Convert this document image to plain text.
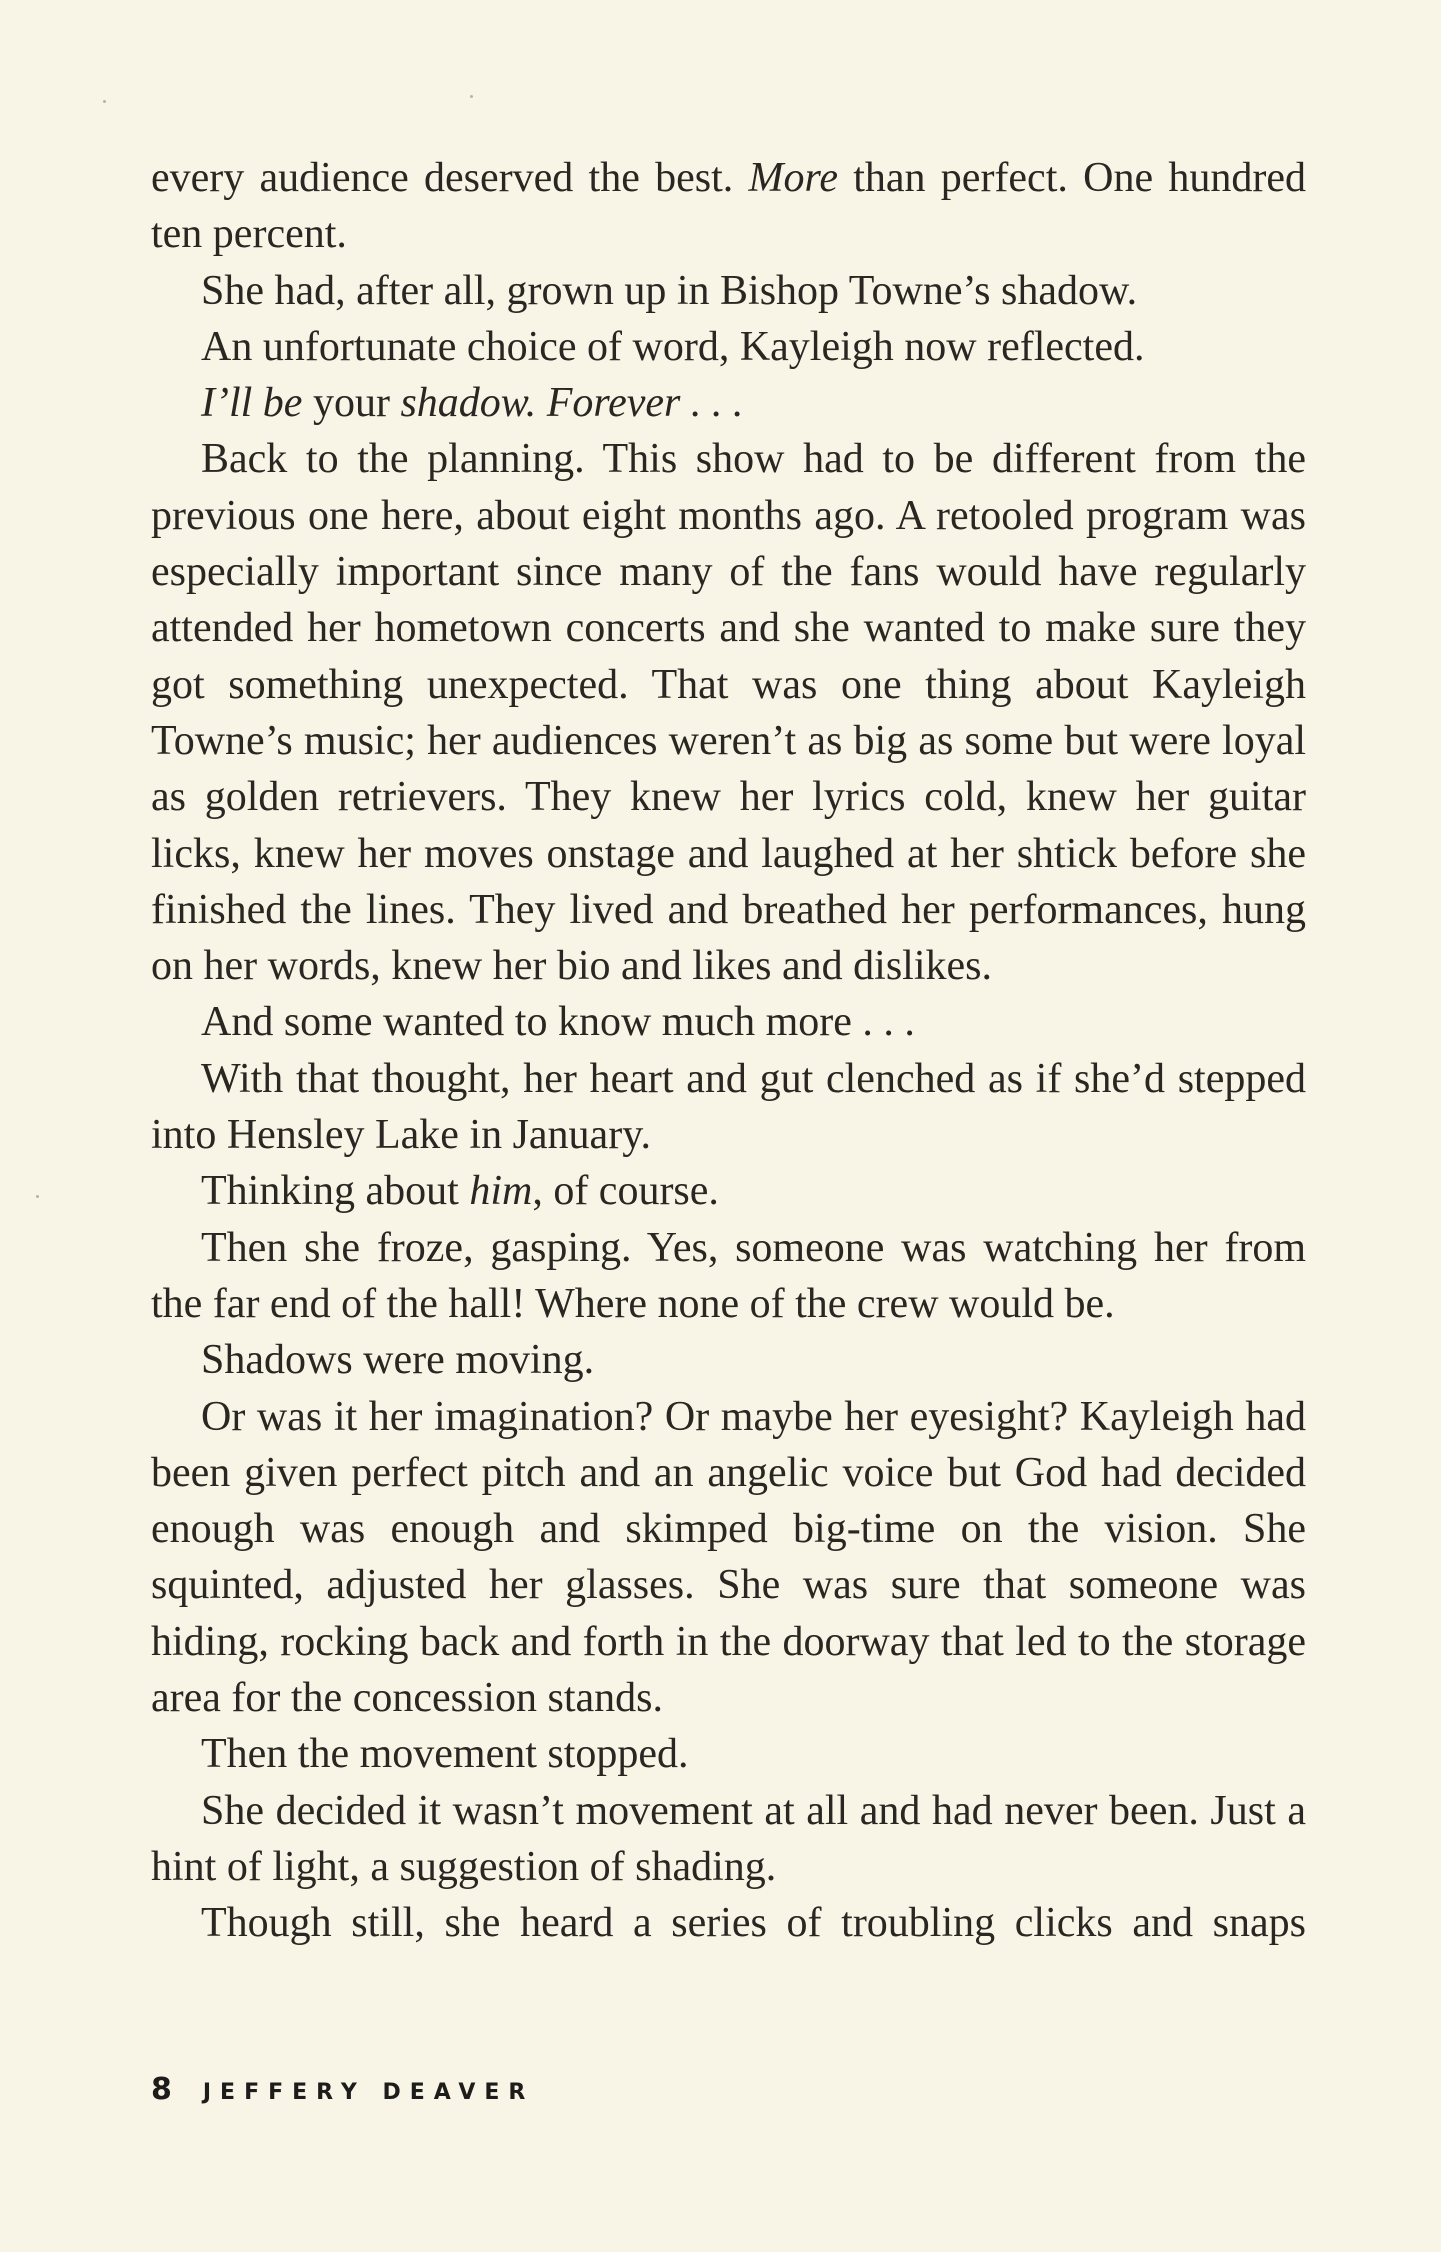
every audience deserved the best. More than perfect. One hundred ten percent.

She had, after all, grown up in Bishop Towne’s shadow.

An unfortunate choice of word, Kayleigh now reflected.

I’ll be your shadow. Forever . . .

Back to the planning. This show had to be different from the previous one here, about eight months ago. A retooled program was especially important since many of the fans would have regularly attended her hometown concerts and she wanted to make sure they got something unexpected. That was one thing about Kayleigh Towne’s music; her audiences weren’t as big as some but were loyal as golden retrievers. They knew her lyrics cold, knew her guitar licks, knew her moves onstage and laughed at her shtick before she finished the lines. They lived and breathed her performances, hung on her words, knew her bio and likes and dislikes.

And some wanted to know much more . . .

With that thought, her heart and gut clenched as if she’d stepped into Hensley Lake in January.

Thinking about him, of course.

Then she froze, gasping. Yes, someone was watching her from the far end of the hall! Where none of the crew would be.

Shadows were moving.

Or was it her imagination? Or maybe her eyesight? Kayleigh had been given perfect pitch and an angelic voice but God had decided enough was enough and skimped big-time on the vision. She squinted, adjusted her glasses. She was sure that someone was hiding, rocking back and forth in the doorway that led to the storage area for the concession stands.

Then the movement stopped.

She decided it wasn’t movement at all and had never been. Just a hint of light, a suggestion of shading.

Though still, she heard a series of troubling clicks and snaps

8 JEFFERY DEAVER
